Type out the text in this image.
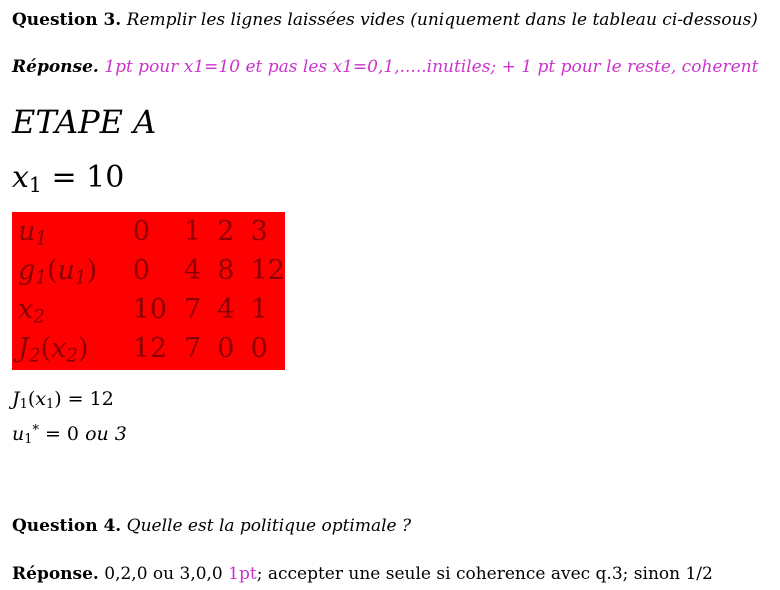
Question 3. Remplir les lignes laissées vides (uniquement dans le tableau ci-dessous)
Réponse. 1pt pour x1=10 et pas les x1=0,1,.....inutiles; + 1 pt pour le reste, coherent
ETAPE A
$x_1 = 10$
$u_1$	0	1	2	3
$g_1(u_1)$	0	4	8	12
$x_2$	10	7	4	1
$J_2(x_2)$	12	7	0	0
$J_1(x_1) = 12$
$u_1^* = 0$ ou 3
Question 4. Quelle est la politique optimale ?
Réponse. 0,2,0 ou 3,0,0 1pt; accepter une seule si coherence avec q.3; sinon 1/2
